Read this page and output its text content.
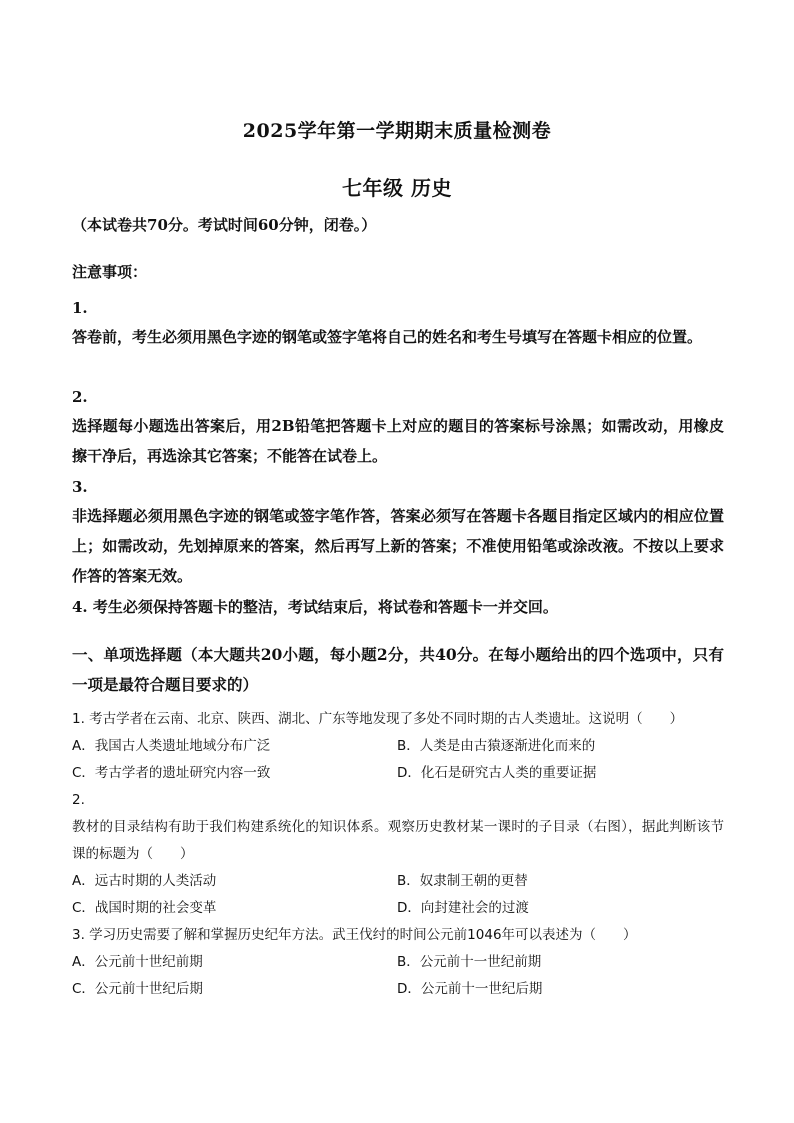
2025学年第一学期期末质量检测卷
七年级 历史
（本试卷共70分。考试时间60分钟，闭卷。）
注意事项：
1.
答卷前，考生必须用黑色字迹的钢笔或签字笔将自己的姓名和考生号填写在答题卡相应的位置。
2.
选择题每小题选出答案后，用2B铅笔把答题卡上对应的题目的答案标号涂黑；如需改动，用橡皮擦干净后，再选涂其它答案；不能答在试卷上。
3.
非选择题必须用黑色字迹的钢笔或签字笔作答，答案必须写在答题卡各题目指定区域内的相应位置上；如需改动，先划掉原来的答案，然后再写上新的答案；不准使用铅笔或涂改液。不按以上要求作答的答案无效。
4. 考生必须保持答题卡的整洁，考试结束后，将试卷和答题卡一并交回。
一、单项选择题（本大题共20小题，每小题2分，共40分。在每小题给出的四个选项中，只有一项是最符合题目要求的）
1. 考古学者在云南、北京、陕西、湖北、广东等地发现了多处不同时期的古人类遗址。这说明（　　）
A．我国古人类遗址地域分布广泛	B．人类是由古猿逐渐进化而来的
C．考古学者的遗址研究内容一致	D．化石是研究古人类的重要证据
2.
教材的目录结构有助于我们构建系统化的知识体系。观察历史教材某一课时的子目录（右图），据此判断该节课的标题为（　　）
A．远古时期的人类活动	B．奴隶制王朝的更替
C．战国时期的社会变革	D．向封建社会的过渡
3. 学习历史需要了解和掌握历史纪年方法。武王伐纣的时间公元前1046年可以表述为（　　）
A．公元前十世纪前期	B．公元前十一世纪前期
C．公元前十世纪后期	D．公元前十一世纪后期
